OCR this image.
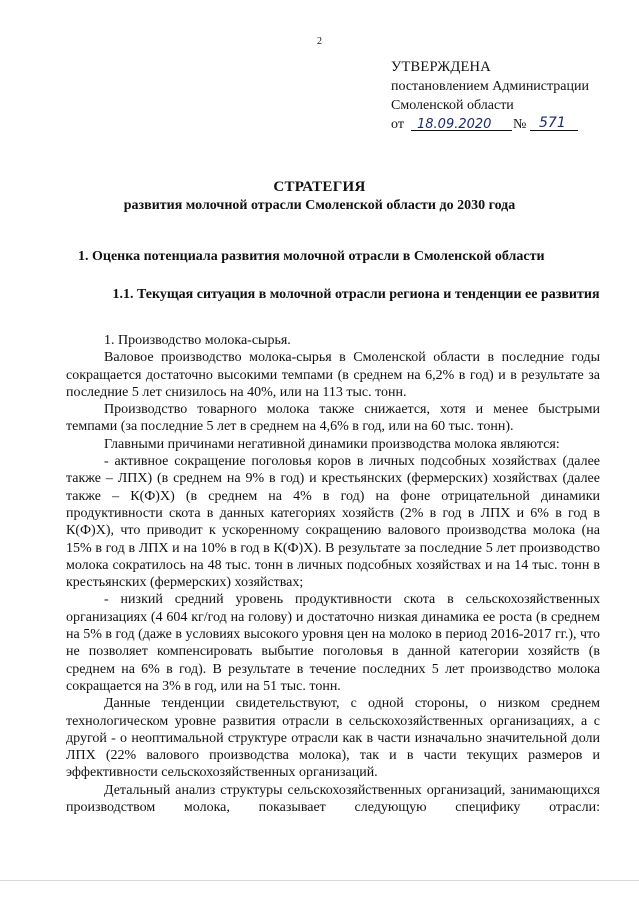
2
УТВЕРЖДЕНА
постановлением Администрации
Смоленской области
от 18.09.2020 № 571
СТРАТЕГИЯ
развития молочной отрасли Смоленской области до 2030 года
1. Оценка потенциала развития молочной отрасли в Смоленской области
1.1. Текущая ситуация в молочной отрасли региона и тенденции ее развития

1. Производство молока-сырья.

Валовое производство молока-сырья в Смоленской области в последние годы сокращается достаточно высокими темпами (в среднем на 6,2% в год) и в результате за последние 5 лет снизилось на 40%, или на 113 тыс. тонн.

Производство товарного молока также снижается, хотя и менее быстрыми темпами (за последние 5 лет в среднем на 4,6% в год, или на 60 тыс. тонн).

Главными причинами негативной динамики производства молока являются:

- активное сокращение поголовья коров в личных подсобных хозяйствах (далее также – ЛПХ) (в среднем на 9% в год) и крестьянских (фермерских) хозяйствах (далее также – К(Ф)Х) (в среднем на 4% в год) на фоне отрицательной динамики продуктивности скота в данных категориях хозяйств (2% в год в ЛПХ и 6% в год в К(Ф)Х), что приводит к ускоренному сокращению валового производства молока (на 15% в год в ЛПХ и на 10% в год в К(Ф)Х). В результате за последние 5 лет производство молока сократилось на 48 тыс. тонн в личных подсобных хозяйствах и на 14 тыс. тонн в крестьянских (фермерских) хозяйствах;

- низкий средний уровень продуктивности скота в сельскохозяйственных организациях (4 604 кг/год на голову) и достаточно низкая динамика ее роста (в среднем на 5% в год (даже в условиях высокого уровня цен на молоко в период 2016-2017 гг.), что не позволяет компенсировать выбытие поголовья в данной категории хозяйств (в среднем на 6% в год). В результате в течение последних 5 лет производство молока сокращается на 3% в год, или на 51 тыс. тонн.

Данные тенденции свидетельствуют, с одной стороны, о низком среднем технологическом уровне развития отрасли в сельскохозяйственных организациях, а с другой - о неоптимальной структуре отрасли как в части изначально значительной доли ЛПХ (22% валового производства молока), так и в части текущих размеров и эффективности сельскохозяйственных организаций.

Детальный анализ структуры сельскохозяйственных организаций, занимающихся производством молока, показывает следующую специфику отрасли:
